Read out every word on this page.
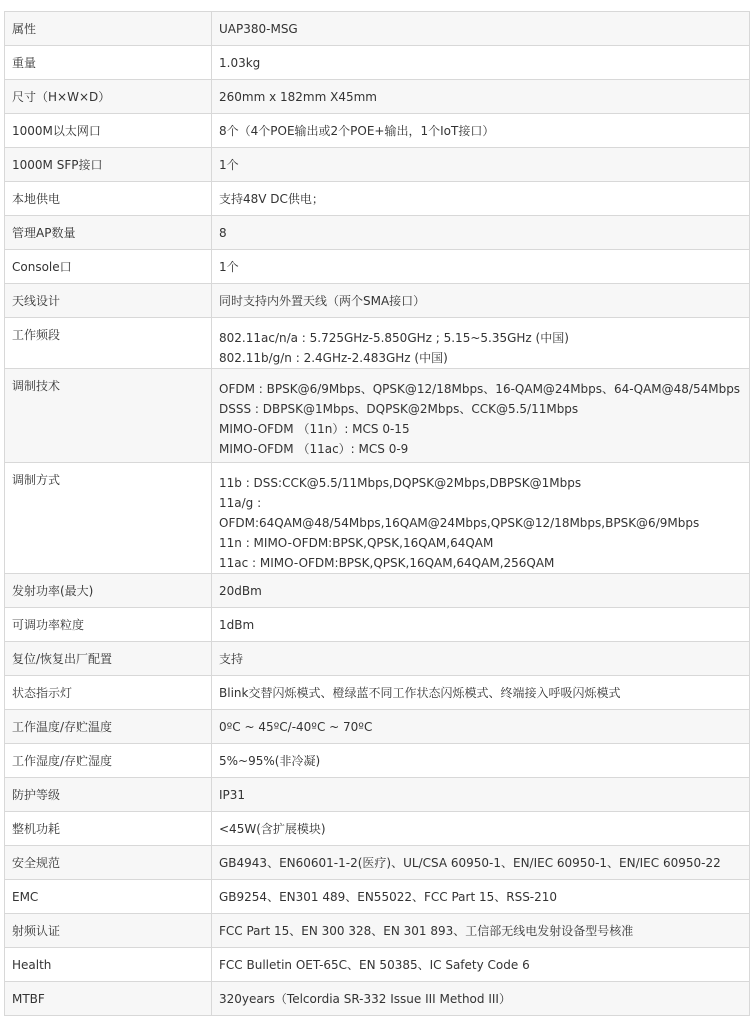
属性	UAP380-MSG

重量	1.03kg

尺寸（H×W×D）	260mm x 182mm X45mm

1000M以太网口	8个（4个POE输出或2个POE+输出，1个IoT接口）

1000M SFP接口	1个

本地供电	支持48V DC供电；

管理AP数量	8

Console口	1个

天线设计	同时支持内外置天线（两个SMA接口）

工作频段	802.11ac/n/a : 5.725GHz-5.850GHz ; 5.15~5.35GHz (中国)
802.11b/g/n : 2.4GHz-2.483GHz (中国)

调制技术	OFDM : BPSK@6/9Mbps、QPSK@12/18Mbps、16-QAM@24Mbps、64-QAM@48/54Mbps
DSSS : DBPSK@1Mbps、DQPSK@2Mbps、CCK@5.5/11Mbps
MIMO-OFDM （11n）: MCS 0-15
MIMO-OFDM （11ac）: MCS 0-9

调制方式	11b : DSS:CCK@5.5/11Mbps,DQPSK@2Mbps,DBPSK@1Mbps
11a/g : OFDM:64QAM@48/54Mbps,16QAM@24Mbps,QPSK@12/18Mbps,BPSK@6/9Mbps
11n : MIMO-OFDM:BPSK,QPSK,16QAM,64QAM
11ac : MIMO-OFDM:BPSK,QPSK,16QAM,64QAM,256QAM

发射功率(最大)	20dBm

可调功率粒度	1dBm

复位/恢复出厂配置	支持

状态指示灯	Blink交替闪烁模式、橙绿蓝不同工作状态闪烁模式、终端接入呼吸闪烁模式

工作温度/存贮温度	0ºC ~ 45ºC/-40ºC ~ 70ºC

工作湿度/存贮湿度	5%~95%(非冷凝)

防护等级	IP31

整机功耗	<45W(含扩展模块)

安全规范	GB4943、EN60601-1-2(医疗)、UL/CSA 60950-1、EN/IEC 60950-1、EN/IEC 60950-22

EMC	GB9254、EN301 489、EN55022、FCC Part 15、RSS-210

射频认证	FCC Part 15、EN 300 328、EN 301 893、工信部无线电发射设备型号核准

Health	FCC Bulletin OET-65C、EN 50385、IC Safety Code 6

MTBF	320years（Telcordia SR-332 Issue III Method III）
